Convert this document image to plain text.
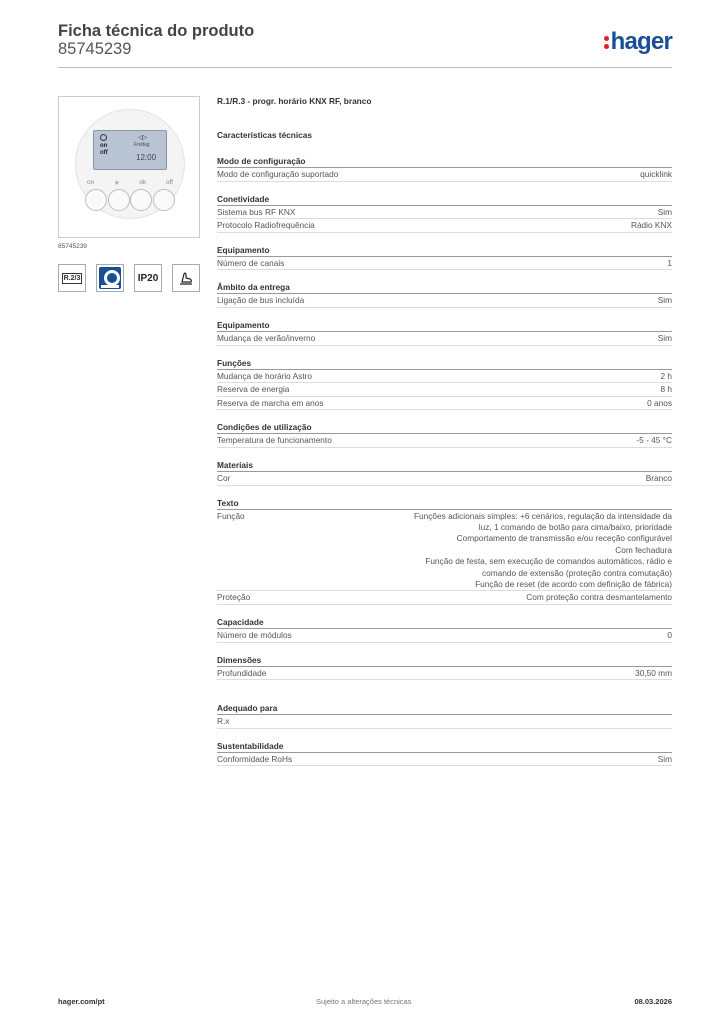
Ficha técnica do produto
85745239	hager
◁▷
on
off
Freitag
12:00
on	☀	ok	off
85745239
R.2/3	IP20
R.1/R.3 - progr. horário KNX RF, branco
Características técnicas
Modo de configuração
Modo de configuração suportado	quicklink
Conetividade
Sistema bus RF KNX	Sim
Protocolo Radiofrequência	Rádio KNX
Equipamento
Número de canais	1
Âmbito da entrega
Ligação de bus incluída	Sim
Equipamento
Mudança de verão/inverno	Sim
Funções
Mudança de horário Astro	2 h
Reserva de energia	8 h
Reserva de marcha em anos	0 anos
Condições de utilização
Temperatura de funcionamento	-5 - 45 °C
Materiais
Cor	Branco
Texto
Função	Funções adicionais simples: +6 cenários, regulação da intensidade da
luz, 1 comando de botão para cima/baixo, prioridade
Comportamento de transmissão e/ou receção configurável
Com fechadura
Função de festa, sem execução de comandos automáticos, rádio e
comando de extensão (proteção contra comutação)
Função de reset (de acordo com definição de fábrica)
Proteção	Com proteção contra desmantelamento
Capacidade
Número de módulos	0
Dimensões
Profundidade	30,50 mm
Adequado para
R.x
Sustentabilidade
Conformidade RoHs	Sim
hager.com/pt	Sujeito a alterações técnicas	08.03.2026
